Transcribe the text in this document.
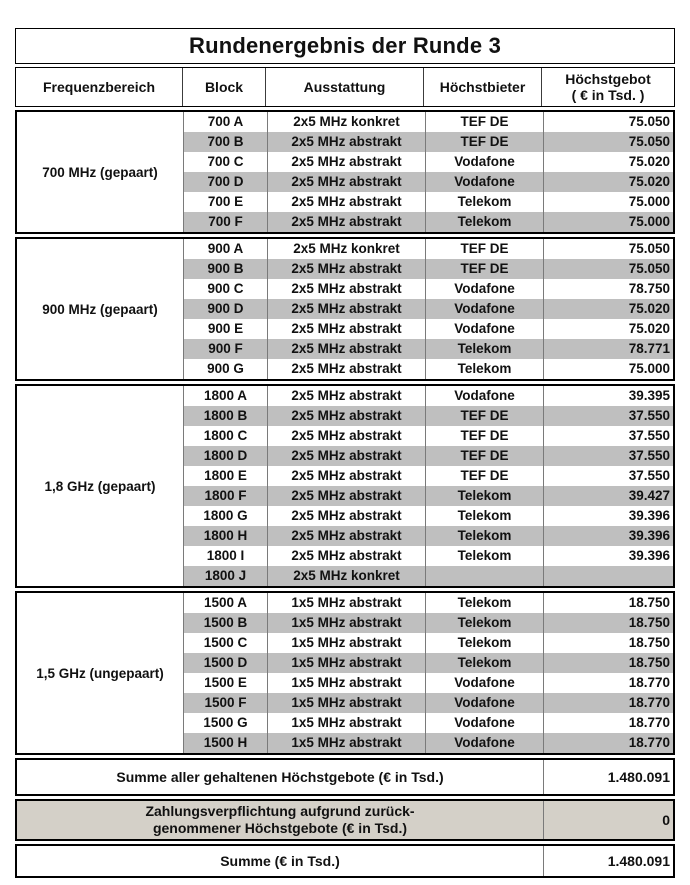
Rundenergebnis der Runde 3
Frequenzbereich	Block	Ausstattung	Höchstbieter	Höchstgebot
( € in Tsd. )
700 MHz (gepaart)
700 A	2x5 MHz konkret	TEF DE	75.050
700 B	2x5 MHz abstrakt	TEF DE	75.050
700 C	2x5 MHz abstrakt	Vodafone	75.020
700 D	2x5 MHz abstrakt	Vodafone	75.020
700 E	2x5 MHz abstrakt	Telekom	75.000
700 F	2x5 MHz abstrakt	Telekom	75.000
900 MHz (gepaart)
900 A	2x5 MHz konkret	TEF DE	75.050
900 B	2x5 MHz abstrakt	TEF DE	75.050
900 C	2x5 MHz abstrakt	Vodafone	78.750
900 D	2x5 MHz abstrakt	Vodafone	75.020
900 E	2x5 MHz abstrakt	Vodafone	75.020
900 F	2x5 MHz abstrakt	Telekom	78.771
900 G	2x5 MHz abstrakt	Telekom	75.000
1,8 GHz (gepaart)
1800 A	2x5 MHz abstrakt	Vodafone	39.395
1800 B	2x5 MHz abstrakt	TEF DE	37.550
1800 C	2x5 MHz abstrakt	TEF DE	37.550
1800 D	2x5 MHz abstrakt	TEF DE	37.550
1800 E	2x5 MHz abstrakt	TEF DE	37.550
1800 F	2x5 MHz abstrakt	Telekom	39.427
1800 G	2x5 MHz abstrakt	Telekom	39.396
1800 H	2x5 MHz abstrakt	Telekom	39.396
1800 I	2x5 MHz abstrakt	Telekom	39.396
1800 J	2x5 MHz konkret
1,5 GHz (ungepaart)
1500 A	1x5 MHz abstrakt	Telekom	18.750
1500 B	1x5 MHz abstrakt	Telekom	18.750
1500 C	1x5 MHz abstrakt	Telekom	18.750
1500 D	1x5 MHz abstrakt	Telekom	18.750
1500 E	1x5 MHz abstrakt	Vodafone	18.770
1500 F	1x5 MHz abstrakt	Vodafone	18.770
1500 G	1x5 MHz abstrakt	Vodafone	18.770
1500 H	1x5 MHz abstrakt	Vodafone	18.770
Summe aller gehaltenen Höchstgebote (€ in Tsd.)	1.480.091
Zahlungsverpflichtung aufgrund zurück-
genommener Höchstgebote (€ in Tsd.)	0
Summe (€ in Tsd.)	1.480.091
